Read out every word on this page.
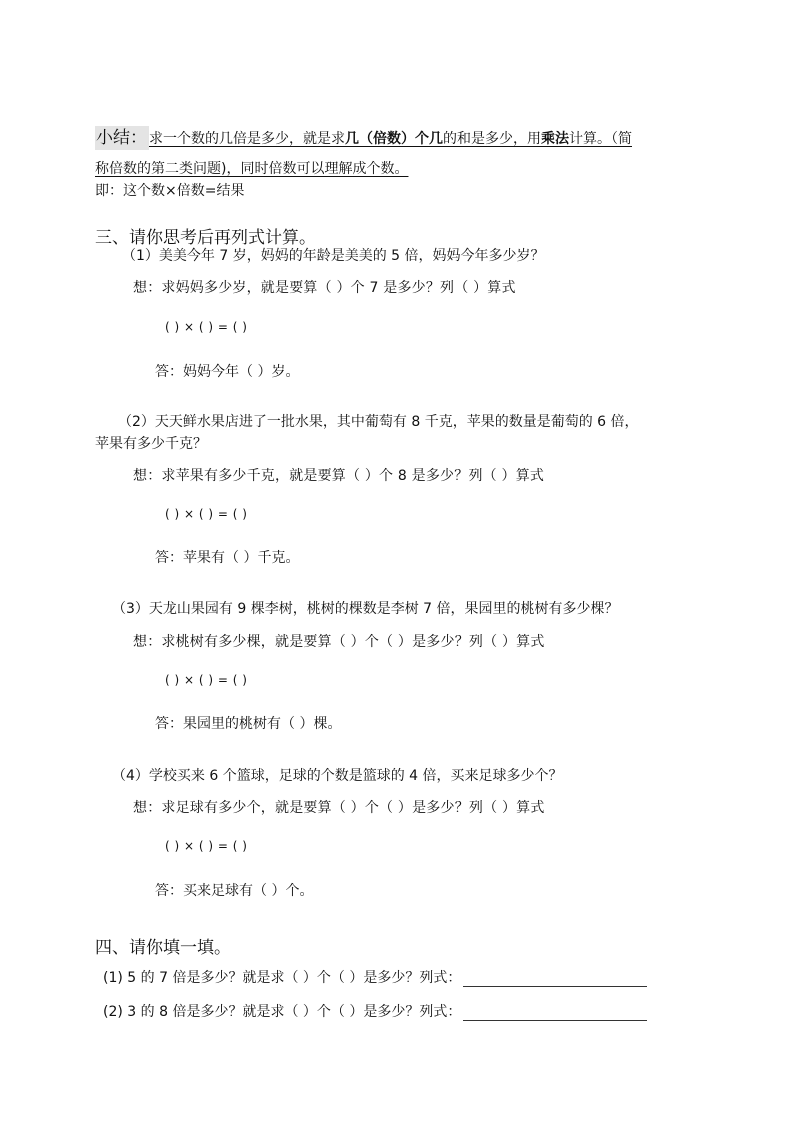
小结： 求一个数的几倍是多少，就是求几（倍数）个几的和是多少，用乘法计算。（简
称倍数的第二类问题)，同时倍数可以理解成个数。
即：这个数×倍数=结果
三、请你思考后再列式计算。
（1）美美今年 7 岁，妈妈的年龄是美美的 5 倍，妈妈今年多少岁？
想：求妈妈多少岁，就是要算（ ）个 7 是多少？列（ ）算式
( ) × ( ) = ( )
答：妈妈今年（ ）岁。
（2）天天鲜水果店进了一批水果，其中葡萄有 8 千克，苹果的数量是葡萄的 6 倍，
苹果有多少千克？
想：求苹果有多少千克，就是要算（ ）个 8 是多少？列（ ）算式
( ) × ( ) = ( )
答：苹果有（ ）千克。
（3）天龙山果园有 9 棵李树，桃树的棵数是李树 7 倍，果园里的桃树有多少棵？
想：求桃树有多少棵，就是要算（ ）个（ ）是多少？列（ ）算式
( ) × ( ) = ( )
答：果园里的桃树有（ ）棵。
（4）学校买来 6 个篮球，足球的个数是篮球的 4 倍，买来足球多少个？
想：求足球有多少个，就是要算（ ）个（ ）是多少？列（ ）算式
( ) × ( ) = ( )
答：买来足球有（ ）个。
四、请你填一填。
(1) 5 的 7 倍是多少？就是求（ ）个（ ）是多少？列式：
(2) 3 的 8 倍是多少？就是求（ ）个（ ）是多少？列式：
